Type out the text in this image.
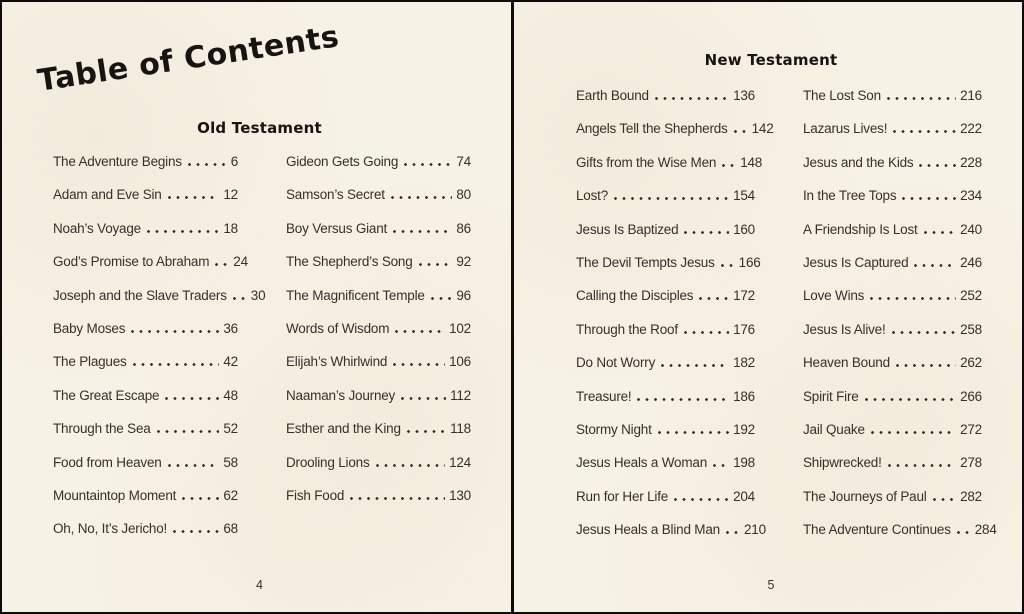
Table of Contents
Old Testament
The Adventure Begins	6
Adam and Eve Sin	12
Noah’s Voyage	18
God’s Promise to Abraham 24
Joseph and the Slave Traders 30
Baby Moses	36
The Plagues	42
The Great Escape	48
Through the Sea	52
Food from Heaven	58
Mountaintop Moment	62
Oh, No, It’s Jericho!	68
Gideon Gets Going	74
Samson’s Secret	80
Boy Versus Giant	86
The Shepherd’s Song	92
The Magnificent Temple 96
Words of Wisdom	102
Elijah’s Whirlwind	106
Naaman’s Journey	112
Esther and the King	118
Drooling Lions	124
Fish Food	130
4
New Testament
Earth Bound	136
Angels Tell the Shepherds 142
Gifts from the Wise Men 148
Lost?	154
Jesus Is Baptized	160
The Devil Tempts Jesus 166
Calling the Disciples	172
Through the Roof	176
Do Not Worry	182
Treasure!	186
Stormy Night	192
Jesus Heals a Woman 198
Run for Her Life	204
Jesus Heals a Blind Man 210
The Lost Son	216
Lazarus Lives!	222
Jesus and the Kids	228
In the Tree Tops	234
A Friendship Is Lost	240
Jesus Is Captured	246
Love Wins	252
Jesus Is Alive!	258
Heaven Bound	262
Spirit Fire	266
Jail Quake	272
Shipwrecked!	278
The Journeys of Paul 282
The Adventure Continues 284
5
